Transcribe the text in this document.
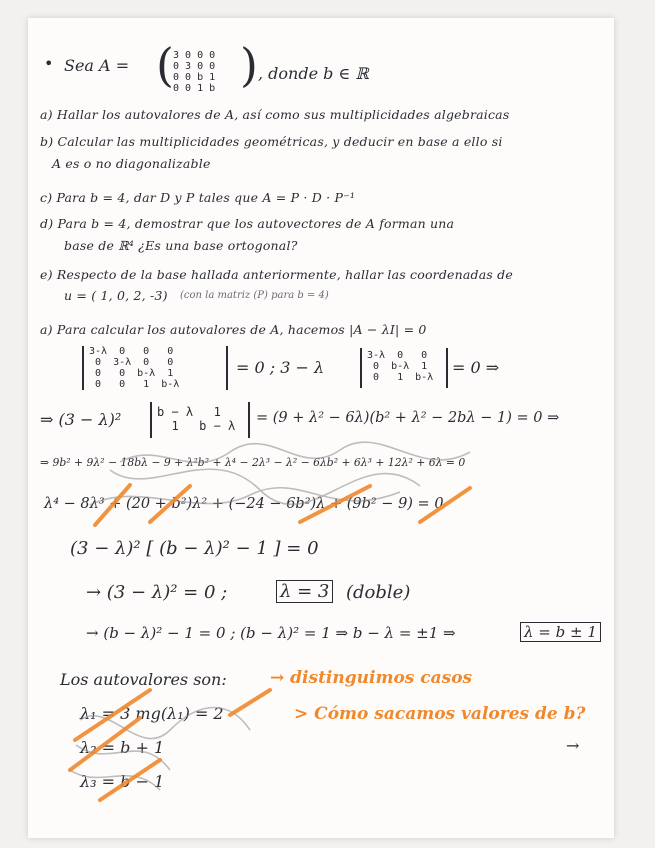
• Sea A = ( 3	0	0	0
0	3	0	0
0	0	b	1
0	0	1	b ) , donde b ∈ ℝ
a) Hallar los autovalores de A, así como sus multiplicidades algebraicas
b) Calcular las multiplicidades geométricas, y deducir en base a ello si
A es o no diagonalizable
c) Para b = 4, dar D y P tales que A = P · D · P⁻¹
d) Para b = 4, demostrar que los autovectores de A forman una
base de ℝ⁴ ¿Es una base ortogonal?
e) Respecto de la base hallada anteriormente, hallar las coordenadas de
u = ( 1, 0, 2, -3) (con la matriz (P) para b = 4)
a) Para calcular los autovalores de A, hacemos |A − λI| = 0
3-λ	0	0	0
0	3-λ	0	0
0	0	b-λ	1
0	0	1	b-λ
= 0 ; 3 − λ
3-λ	0	0
0	b-λ	1
0	1	b-λ
= 0 ⇒
⇒ (3 − λ)²	b − λ	1
1	b − λ = (9 + λ² − 6λ)(b² + λ² − 2bλ − 1) = 0 ⇒
⇒ 9b² + 9λ² − 18bλ − 9 + λ²b² + λ⁴ − 2λ³ − λ² − 6λb² + 6λ³ + 12λ² + 6λ = 0
λ⁴ − 8λ³ + (20 + b²)λ² + (−24 − 6b²)λ + (9b² − 9) = 0
(3 − λ)² [ (b − λ)² − 1 ] = 0
→ (3 − λ)² = 0 ;	λ = 3 (doble)
→ (b − λ)² − 1 = 0 ; (b − λ)² = 1 ⇒ b − λ = ±1 ⇒	λ = b ± 1
Los autovalores son:	→ distinguimos casos
> Cómo sacamos valores de b?
λ₁ = 3 mg(λ₁) = 2
λ₂ = b + 1
λ₃ = b − 1
→
